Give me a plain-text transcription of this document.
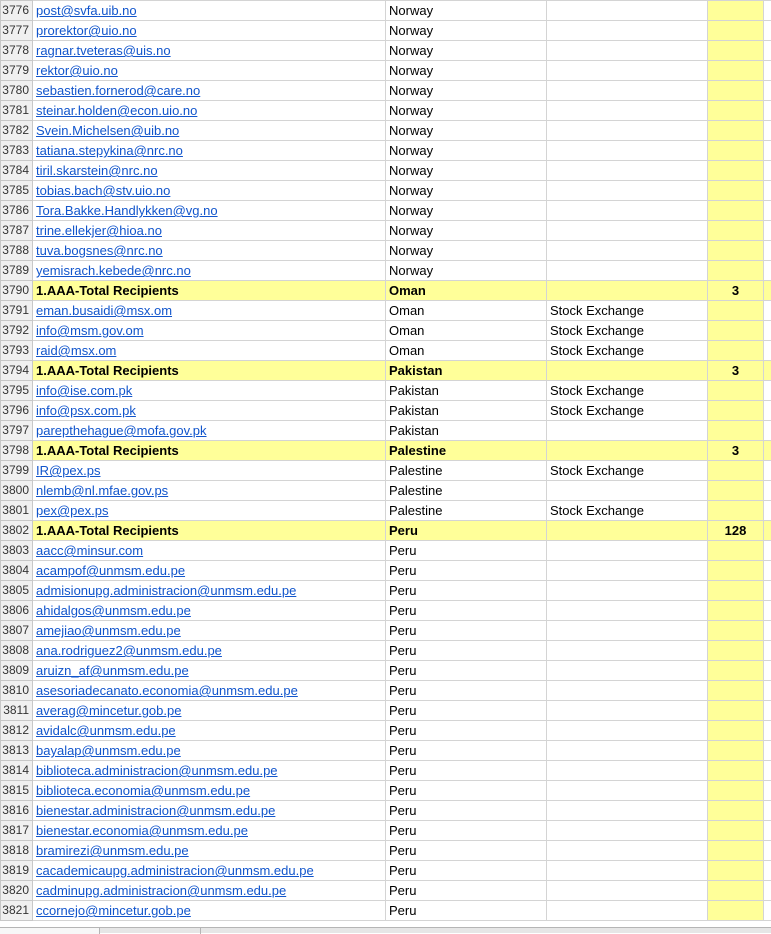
3776	post@svfa.uib.no	Norway			
3777	prorektor@uio.no	Norway			
3778	ragnar.tveteras@uis.no	Norway			
3779	rektor@uio.no	Norway			
3780	sebastien.fornerod@care.no	Norway			
3781	steinar.holden@econ.uio.no	Norway			
3782	Svein.Michelsen@uib.no	Norway			
3783	tatiana.stepykina@nrc.no	Norway			
3784	tiril.skarstein@nrc.no	Norway			
3785	tobias.bach@stv.uio.no	Norway			
3786	Tora.Bakke.Handlykken@vg.no	Norway			
3787	trine.ellekjer@hioa.no	Norway			
3788	tuva.bogsnes@nrc.no	Norway			
3789	yemisrach.kebede@nrc.no	Norway			
3790	1.AAA-Total Recipients	Oman		3	
3791	eman.busaidi@msx.om	Oman	Stock Exchange		
3792	info@msm.gov.om	Oman	Stock Exchange		
3793	raid@msx.om	Oman	Stock Exchange		
3794	1.AAA-Total Recipients	Pakistan		3	
3795	info@ise.com.pk	Pakistan	Stock Exchange		
3796	info@psx.com.pk	Pakistan	Stock Exchange		
3797	parepthehague@mofa.gov.pk	Pakistan			
3798	1.AAA-Total Recipients	Palestine		3	
3799	IR@pex.ps	Palestine	Stock Exchange		
3800	nlemb@nl.mfae.gov.ps	Palestine			
3801	pex@pex.ps	Palestine	Stock Exchange		
3802	1.AAA-Total Recipients	Peru		128	
3803	aacc@minsur.com	Peru			
3804	acampof@unmsm.edu.pe	Peru			
3805	admisionupg.administracion@unmsm.edu.pe	Peru			
3806	ahidalgos@unmsm.edu.pe	Peru			
3807	amejiao@unmsm.edu.pe	Peru			
3808	ana.rodriguez2@unmsm.edu.pe	Peru			
3809	aruizn_af@unmsm.edu.pe	Peru			
3810	asesoriadecanato.economia@unmsm.edu.pe	Peru			
3811	averag@mincetur.gob.pe	Peru			
3812	avidalc@unmsm.edu.pe	Peru			
3813	bayalap@unmsm.edu.pe	Peru			
3814	biblioteca.administracion@unmsm.edu.pe	Peru			
3815	biblioteca.economia@unmsm.edu.pe	Peru			
3816	bienestar.administracion@unmsm.edu.pe	Peru			
3817	bienestar.economia@unmsm.edu.pe	Peru			
3818	bramirezi@unmsm.edu.pe	Peru			
3819	cacademicaupg.administracion@unmsm.edu.pe	Peru			
3820	cadminupg.administracion@unmsm.edu.pe	Peru			
3821	ccornejo@mincetur.gob.pe	Peru			
